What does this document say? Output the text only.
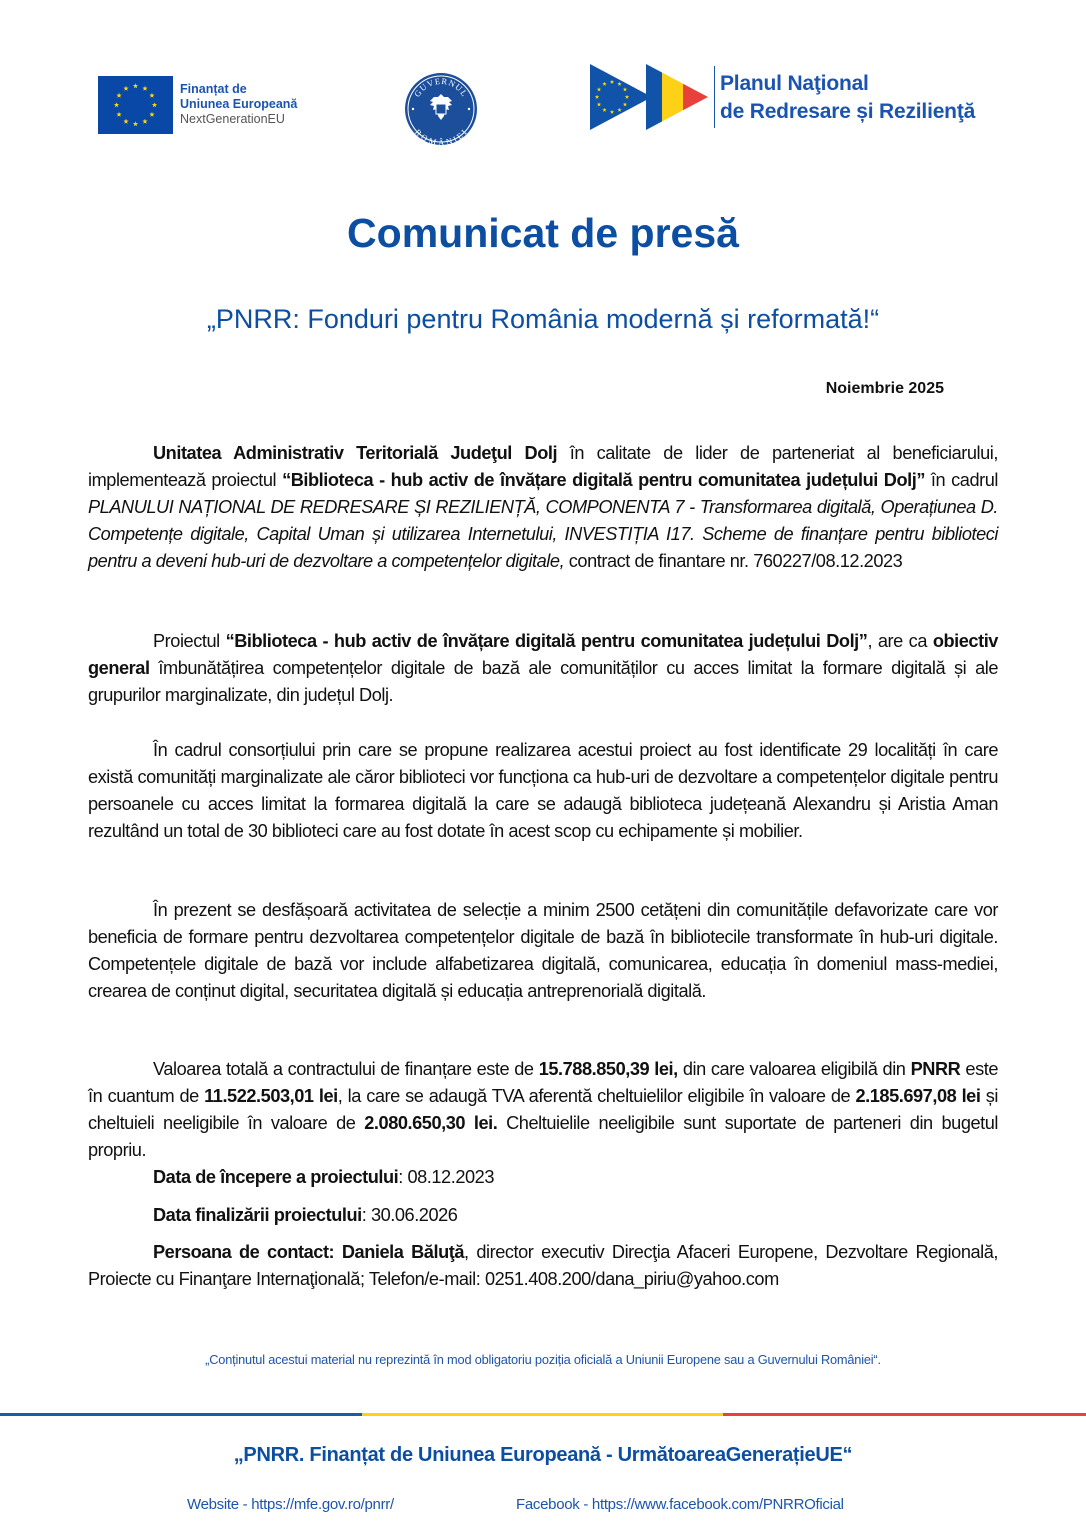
Finanțat de
Uniunea Europeană
NextGenerationEU
GUVERNUL
ROMÂNIEI
Planul Naţional
de Redresare și Rezilienţă
Comunicat de presă
„PNRR: Fonduri pentru România modernă și reformată!“
Noiembrie 2025

Unitatea Administrativ Teritorială Judeţul Dolj în calitate de lider de parteneriat al beneficiarului, implementează proiectul “Biblioteca - hub activ de învățare digitală pentru comunitatea județului Dolj” în cadrul PLANULUI NAȚIONAL DE REDRESARE ȘI REZILIENȚĂ, COMPONENTA 7 - Transformarea digitală, Operațiunea D. Competențe digitale, Capital Uman și utilizarea Internetului, INVESTIȚIA I17. Scheme de finanțare pentru biblioteci pentru a deveni hub-uri de dezvoltare a competențelor digitale, contract de finantare nr. 760227/08.12.2023

Proiectul “Biblioteca - hub activ de învățare digitală pentru comunitatea județului Dolj”, are ca obiectiv general îmbunătățirea competențelor digitale de bază ale comunităților cu acces limitat la formare digitală și ale grupurilor marginalizate, din județul Dolj.

În cadrul consorțiului prin care se propune realizarea acestui proiect au fost identificate 29 localități în care există comunități marginalizate ale căror biblioteci vor funcționa ca hub-uri de dezvoltare a competențelor digitale pentru persoanele cu acces limitat la formarea digitală la care se adaugă biblioteca județeană Alexandru și Aristia Aman rezultând un total de 30 biblioteci care au fost dotate în acest scop cu echipamente și mobilier.

În prezent se desfășoară activitatea de selecție a minim 2500 cetățeni din comunitățile defavorizate care vor beneficia de formare pentru dezvoltarea competențelor digitale de bază în bibliotecile transformate în hub-uri digitale. Competențele digitale de bază vor include alfabetizarea digitală, comunicarea, educația în domeniul mass-mediei, crearea de conținut digital, securitatea digitală și educația antreprenorială digitală.

Valoarea totală a contractului de finanțare este de 15.788.850,39 lei, din care valoarea eligibilă din PNRR este în cuantum de 11.522.503,01 lei, la care se adaugă TVA aferentă cheltuielilor eligibile în valoare de 2.185.697,08 lei și cheltuieli neeligibile în valoare de 2.080.650,30 lei. Cheltuielile neeligibile sunt suportate de parteneri din bugetul propriu.

Data de începere a proiectului: 08.12.2023

Data finalizării proiectului: 30.06.2026

Persoana de contact: Daniela Băluţă, director executiv Direcţia Afaceri Europene, Dezvoltare Regională, Proiecte cu Finanţare Internaţională; Telefon/e-mail: 0251.408.200/dana_piriu@yahoo.com

„Conținutul acestui material nu reprezintă în mod obligatoriu poziția oficială a Uniunii Europene sau a Guvernului României“.
„PNRR. Finanțat de Uniunea Europeană - UrmătoareaGenerațieUE“
Website - https://mfe.gov.ro/pnrr/	Facebook - https://www.facebook.com/PNRROficial
